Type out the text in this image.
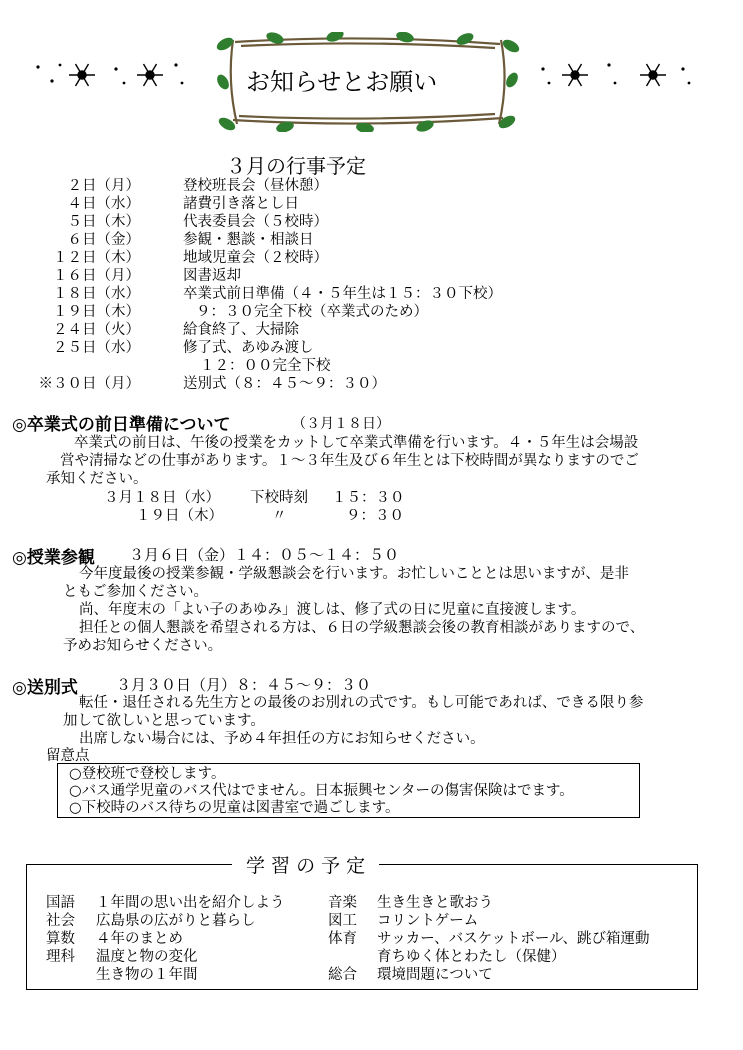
お知らせとお願い
３月の行事予定
２日（月）	登校班長会（昼休憩）
４日（水）	諸費引き落とし日
５日（木）	代表委員会（５校時）
６日（金）	参観・懇談・相談日
１２日（木）	地域児童会（２校時）
１６日（月）	図書返却
１８日（水）	卒業式前日準備（４・５年生は１５：３０下校）
１９日（木）	９：３０完全下校（卒業式のため）
２４日（火）	給食終了、大掃除
２５日（水）	修了式、あゆみ渡し
１２：００完全下校
※３０日（月）	送別式（８：４５〜９：３０）
◎卒業式の前日準備について	（３月１８日）
卒業式の前日は、午後の授業をカットして卒業式準備を行います。４・５年生は会場設
営や清掃などの仕事があります。１〜３年生及び６年生とは下校時間が異なりますのでご
承知ください。
３月１８日（水） 下校時刻 １５：３０
１９日（木）	〃	９：３０
◎授業参観 ３月６日（金）１４：０５〜１４：５０
今年度最後の授業参観・学級懇談会を行います。お忙しいこととは思いますが、是非
ともご参加ください。
尚、年度末の「よい子のあゆみ」渡しは、修了式の日に児童に直接渡します。
担任との個人懇談を希望される方は、６日の学級懇談会後の教育相談がありますので、
予めお知らせください。
◎送別式	３月３０日（月）８：４５〜９：３０
転任・退任される先生方との最後のお別れの式です。もし可能であれば、できる限り参
加して欲しいと思っています。
出席しない場合には、予め４年担任の方にお知らせください。
留意点
○登校班で登校します。
○バス通学児童のバス代はでません。日本振興センターの傷害保険はでます。
○下校時のバス待ちの児童は図書室で過ごします。
学 習 の 予 定
国語 １年間の思い出を紹介しよう
社会 広島県の広がりと暮らし
算数 ４年のまとめ
理科 温度と物の変化
生き物の１年間
音楽 生き生きと歌おう
図工 コリントゲーム
体育 サッカー、バスケットボール、跳び箱運動
育ちゆく体とわたし（保健）
総合 環境問題について
